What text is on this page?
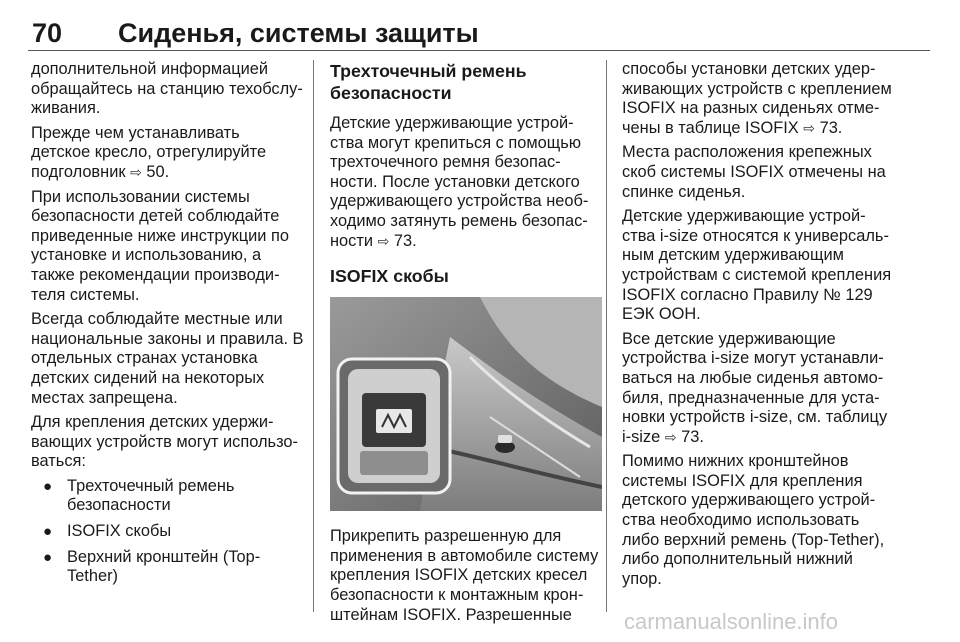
70 Сиденья, системы защиты

дополнительной информацией
обращайтесь на станцию техобслу-
живания.

Прежде чем устанавливать
детское кресло, отрегулируйте
подголовник ⇨ 50.

При использовании системы
безопасности детей соблюдайте
приведенные ниже инструкции по
установке и использованию, а
также рекомендации производи-
теля системы.

Всегда соблюдайте местные или
национальные законы и правила. В
отдельных странах установка
детских сидений на некоторых
местах запрещена.

Для крепления детских удержи-
вающих устройств могут использо-
ваться:

● Трехточечный ремень
безопасности
● ISOFIX скобы
● Верхний кронштейн (Top-
Tether)
Трехточечный ремень
безопасности

Детские удерживающие устрой-
ства могут крепиться с помощью
трехточечного ремня безопас-
ности. После установки детского
удерживающего устройства необ-
ходимо затянуть ремень безопас-
ности ⇨ 73.

ISOFIX скобы

Прикрепить разрешенную для
применения в автомобиле систему
крепления ISOFIX детских кресел
безопасности к монтажным крон-
штейнам ISOFIX. Разрешенные

способы установки детских удер-
живающих устройств с креплением
ISOFIX на разных сиденьях отме-
чены в таблице ISOFIX ⇨ 73.

Места расположения крепежных
скоб системы ISOFIX отмечены на
спинке сиденья.

Детские удерживающие устрой-
ства i-size относятся к универсаль-
ным детским удерживающим
устройствам с системой крепления
ISOFIX согласно Правилу № 129
ЕЭК ООН.

Все детские удерживающие
устройства i-size могут устанавли-
ваться на любые сиденья автомо-
биля, предназначенные для уста-
новки устройств i-size, см. таблицу
i-size ⇨ 73.

Помимо нижних кронштейнов
системы ISOFIX для крепления
детского удерживающего устрой-
ства необходимо использовать
либо верхний ремень (Top-Tether),
либо дополнительный нижний
упор.

carmanualsonline.info
